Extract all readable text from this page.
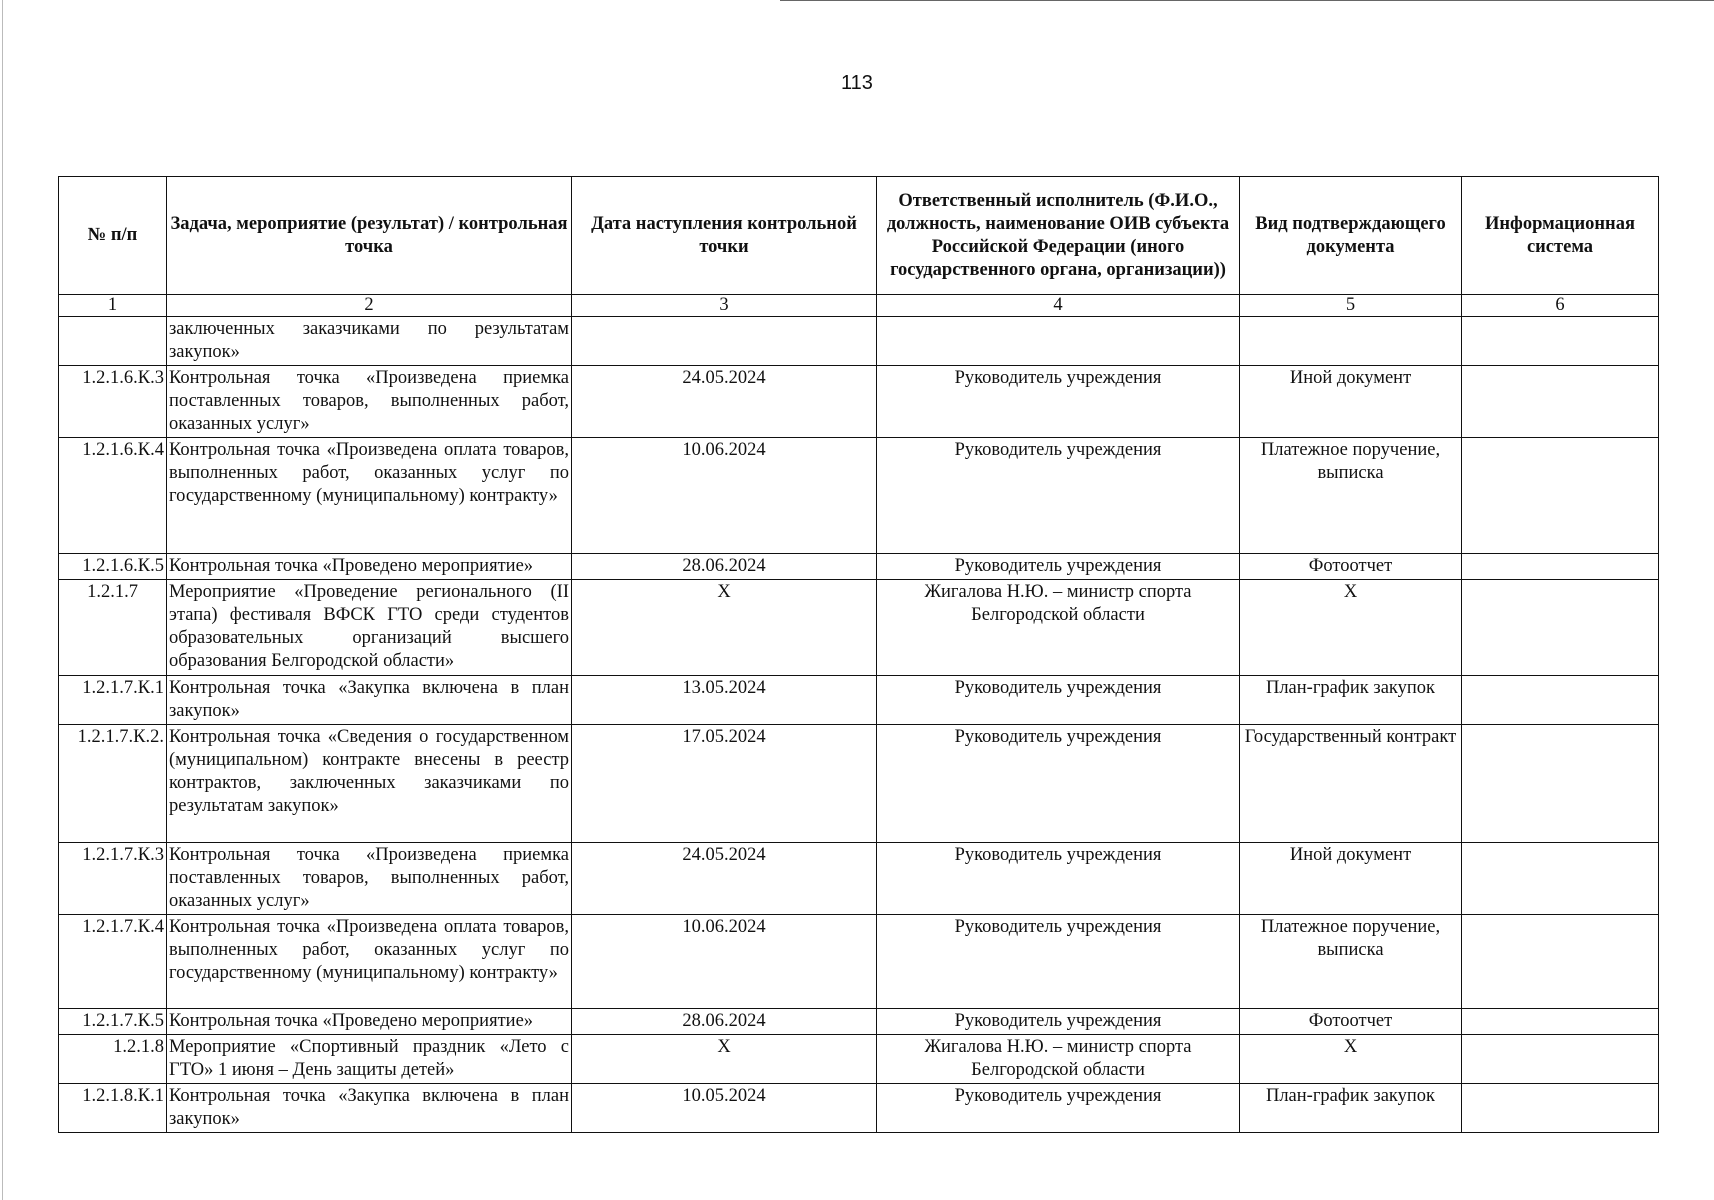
113
№ п/п	Задача, мероприятие (результат) / контрольная точка	Дата наступления контрольной точки	Ответственный исполнитель (Ф.И.О., должность, наименование ОИВ субъекта Российской Федерации (иного государственного органа, организации))	Вид подтверждающего документа	Информационная система
1	2	3	4	5	6
	заключенных заказчиками по результатам закупок»				
1.2.1.6.К.3	Контрольная точка «Произведена приемка поставленных товаров, выполненных работ, оказанных услуг»	24.05.2024	Руководитель учреждения	Иной документ	
1.2.1.6.К.4	Контрольная точка «Произведена оплата товаров, выполненных работ, оказанных услуг по государственному (муниципальному) контракту»	10.06.2024	Руководитель учреждения	Платежное поручение, выписка	
1.2.1.6.К.5	Контрольная точка «Проведено мероприятие»	28.06.2024	Руководитель учреждения	Фотоотчет	
1.2.1.7	Мероприятие «Проведение регионального (II этапа) фестиваля ВФСК ГТО среди студентов образовательных организаций высшего образования Белгородской области»	X	Жигалова Н.Ю. – министр спорта Белгородской области	X	
1.2.1.7.К.1	Контрольная точка «Закупка включена в план закупок»	13.05.2024	Руководитель учреждения	План-график закупок	
1.2.1.7.К.2.	Контрольная точка «Сведения о государственном (муниципальном) контракте внесены в реестр контрактов, заключенных заказчиками по результатам закупок»	17.05.2024	Руководитель учреждения	Государственный контракт	
1.2.1.7.К.3	Контрольная точка «Произведена приемка поставленных товаров, выполненных работ, оказанных услуг»	24.05.2024	Руководитель учреждения	Иной документ	
1.2.1.7.К.4	Контрольная точка «Произведена оплата товаров, выполненных работ, оказанных услуг по государственному (муниципальному) контракту»	10.06.2024	Руководитель учреждения	Платежное поручение, выписка	
1.2.1.7.К.5	Контрольная точка «Проведено мероприятие»	28.06.2024	Руководитель учреждения	Фотоотчет	
1.2.1.8	Мероприятие «Спортивный праздник «Лето с ГТО» 1 июня – День защиты детей»	X	Жигалова Н.Ю. – министр спорта Белгородской области	X	
1.2.1.8.К.1	Контрольная точка «Закупка включена в план закупок»	10.05.2024	Руководитель учреждения	План-график закупок	
